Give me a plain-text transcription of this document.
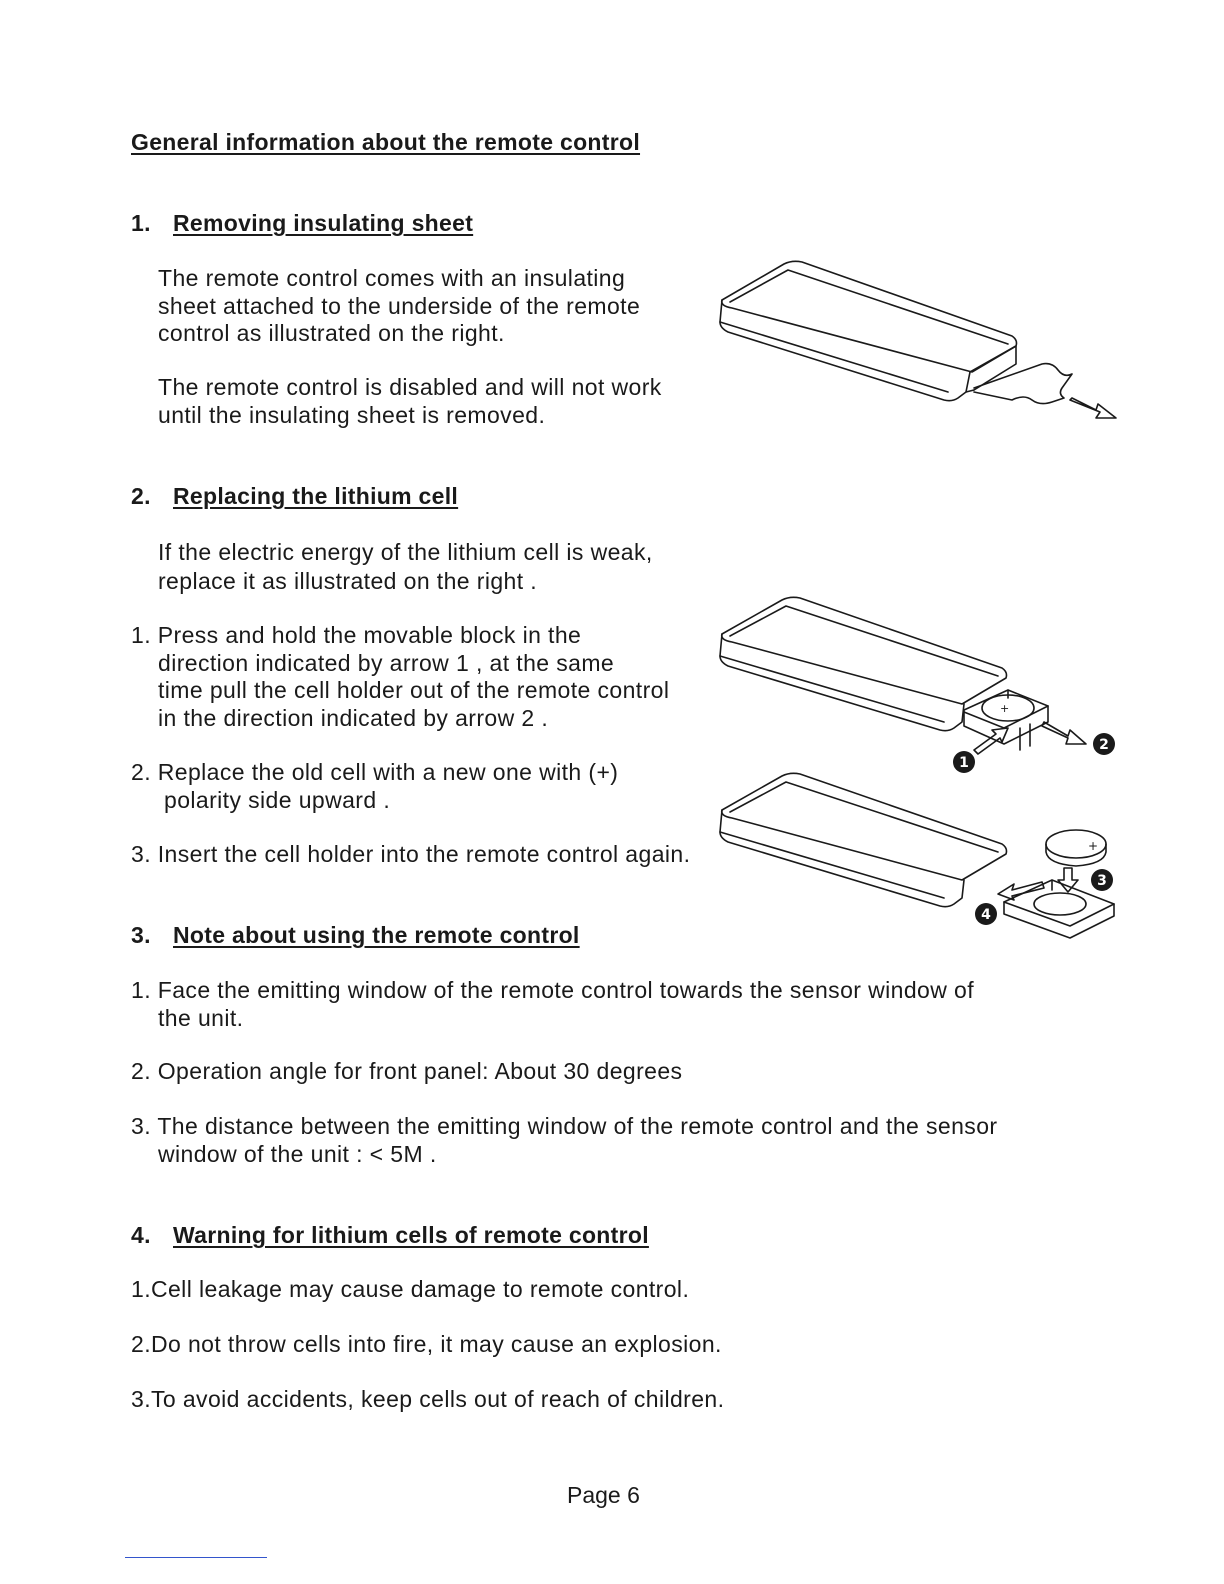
General information about the remote control
1. Removing insulating sheet
The remote control comes with an insulating
sheet attached to the underside of the remote
control as illustrated on the right.
The remote control is disabled and will not work
until the insulating sheet is removed.
2. Replacing the lithium cell
If the electric energy of the lithium cell is weak,
replace it as illustrated on the right .
1. Press and hold the movable block in the
direction indicated by arrow 1 , at the same
time pull the cell holder out of the remote control
in the direction indicated by arrow 2 .
2. Replace the old cell with a new one with (+)
polarity side upward .
3. Insert the cell holder into the remote control again.
+
2
1
+
3
4
3. Note about using the remote control
1. Face the emitting window of the remote control towards the sensor window of
the unit.
2. Operation angle for front panel: About 30 degrees
3. The distance between the emitting window of the remote control and the sensor
window of the unit : < 5M .
4. Warning for lithium cells of remote control
1.Cell leakage may cause damage to remote control.
2.Do not throw cells into fire, it may cause an explosion.
3.To avoid accidents, keep cells out of reach of children.
Page 6
